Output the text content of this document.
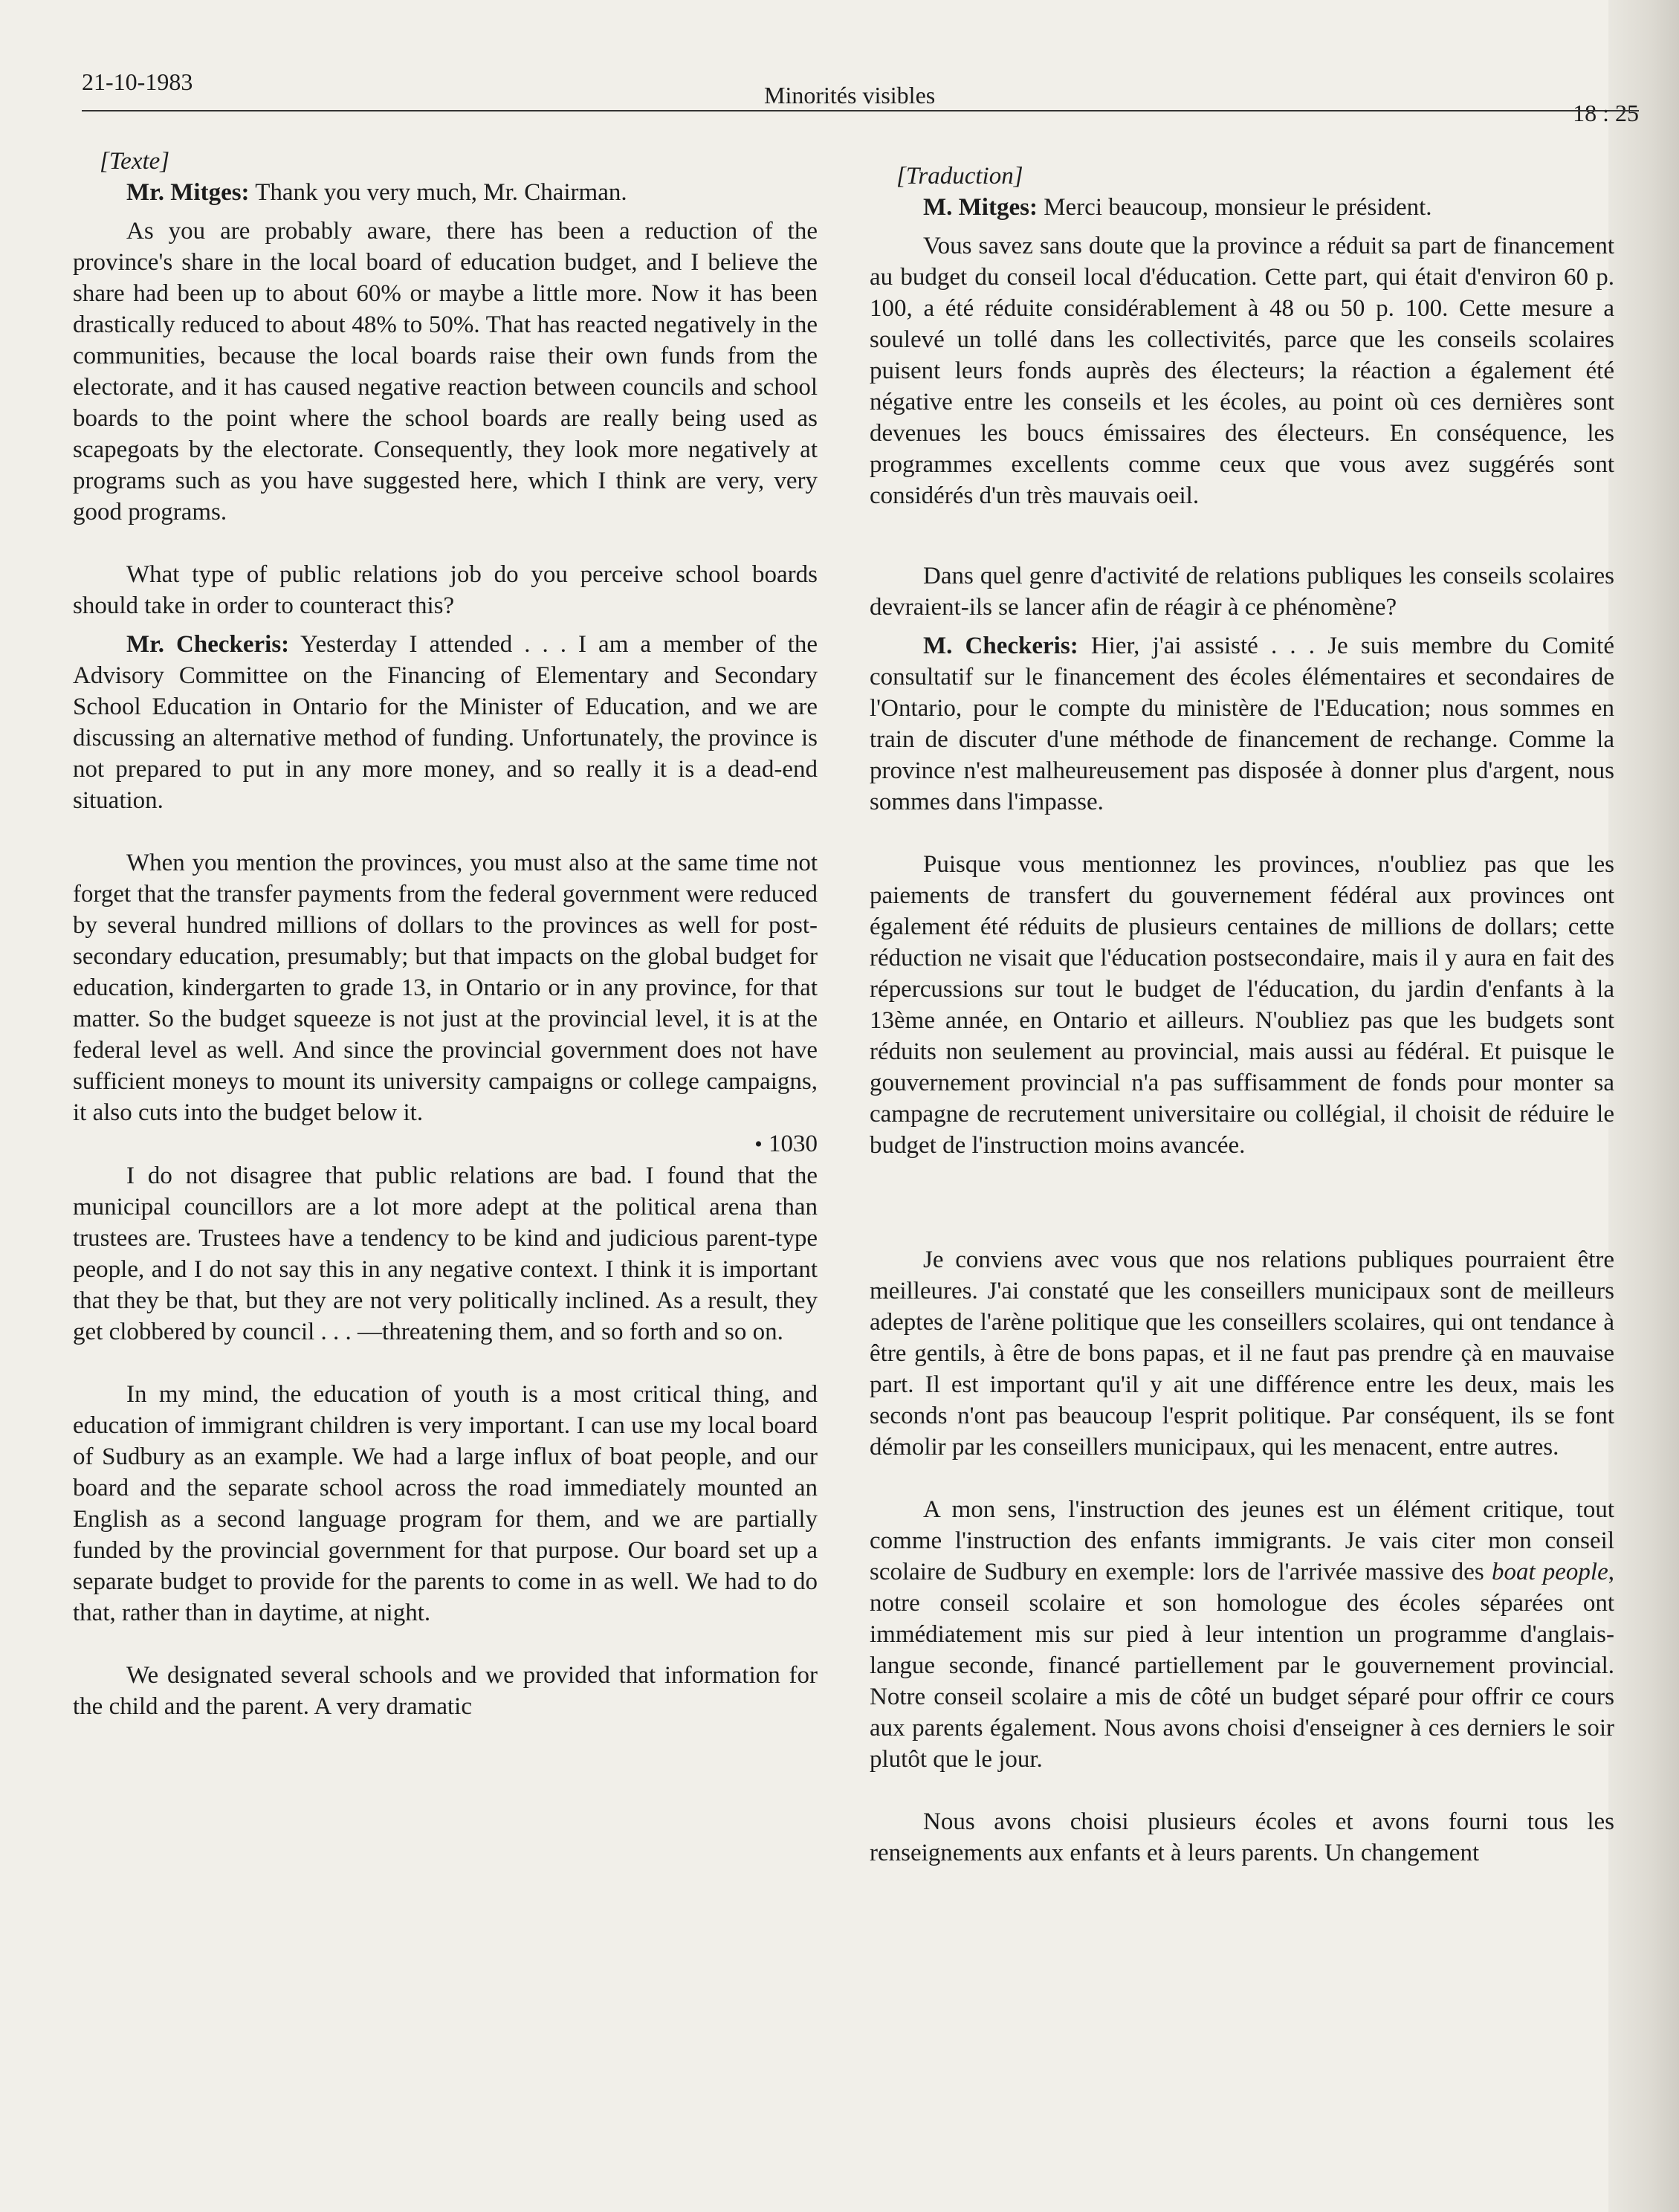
21-10-1983	Minorités visibles
18 : 25

[Texte]

Mr. Mitges: Thank you very much, Mr. Chairman.

As you are probably aware, there has been a reduction of the province's share in the local board of education budget, and I believe the share had been up to about 60% or maybe a little more. Now it has been drastically reduced to about 48% to 50%. That has reacted negatively in the communities, because the local boards raise their own funds from the electorate, and it has caused negative reaction between councils and school boards to the point where the school boards are really being used as scapegoats by the electorate. Consequently, they look more negatively at programs such as you have suggested here, which I think are very, very good programs.

What type of public relations job do you perceive school boards should take in order to counteract this?

Mr. Checkeris: Yesterday I attended . . . I am a member of the Advisory Committee on the Financing of Elementary and Secondary School Education in Ontario for the Minister of Education, and we are discussing an alternative method of funding. Unfortunately, the province is not prepared to put in any more money, and so really it is a dead-end situation.

When you mention the provinces, you must also at the same time not forget that the transfer payments from the federal government were reduced by several hundred millions of dollars to the provinces as well for post-secondary education, presumably; but that impacts on the global budget for education, kindergarten to grade 13, in Ontario or in any province, for that matter. So the budget squeeze is not just at the provincial level, it is at the federal level as well. And since the provincial government does not have sufficient moneys to mount its university campaigns or college campaigns, it also cuts into the budget below it.

• 1030

I do not disagree that public relations are bad. I found that the municipal councillors are a lot more adept at the political arena than trustees are. Trustees have a tendency to be kind and judicious parent-type people, and I do not say this in any negative context. I think it is important that they be that, but they are not very politically inclined. As a result, they get clobbered by council . . . —threatening them, and so forth and so on.

In my mind, the education of youth is a most critical thing, and education of immigrant children is very important. I can use my local board of Sudbury as an example. We had a large influx of boat people, and our board and the separate school across the road immediately mounted an English as a second language program for them, and we are partially funded by the provincial government for that purpose. Our board set up a separate budget to provide for the parents to come in as well. We had to do that, rather than in daytime, at night.

We designated several schools and we provided that information for the child and the parent. A very dramatic

[Traduction]

M. Mitges: Merci beaucoup, monsieur le président.

Vous savez sans doute que la province a réduit sa part de financement au budget du conseil local d'éducation. Cette part, qui était d'environ 60 p. 100, a été réduite considérablement à 48 ou 50 p. 100. Cette mesure a soulevé un tollé dans les collectivités, parce que les conseils scolaires puisent leurs fonds auprès des électeurs; la réaction a également été négative entre les conseils et les écoles, au point où ces dernières sont devenues les boucs émissaires des électeurs. En conséquence, les programmes excellents comme ceux que vous avez suggérés sont considérés d'un très mauvais oeil.

Dans quel genre d'activité de relations publiques les conseils scolaires devraient-ils se lancer afin de réagir à ce phénomène?

M. Checkeris: Hier, j'ai assisté . . . Je suis membre du Comité consultatif sur le financement des écoles élémentaires et secondaires de l'Ontario, pour le compte du ministère de l'Education; nous sommes en train de discuter d'une méthode de financement de rechange. Comme la province n'est malheureusement pas disposée à donner plus d'argent, nous sommes dans l'impasse.

Puisque vous mentionnez les provinces, n'oubliez pas que les paiements de transfert du gouvernement fédéral aux provinces ont également été réduits de plusieurs centaines de millions de dollars; cette réduction ne visait que l'éducation postsecondaire, mais il y aura en fait des répercussions sur tout le budget de l'éducation, du jardin d'enfants à la 13ème année, en Ontario et ailleurs. N'oubliez pas que les budgets sont réduits non seulement au provincial, mais aussi au fédéral. Et puisque le gouvernement provincial n'a pas suffisamment de fonds pour monter sa campagne de recrutement universitaire ou collégial, il choisit de réduire le budget de l'instruction moins avancée.

Je conviens avec vous que nos relations publiques pourraient être meilleures. J'ai constaté que les conseillers municipaux sont de meilleurs adeptes de l'arène politique que les conseillers scolaires, qui ont tendance à être gentils, à être de bons papas, et il ne faut pas prendre çà en mauvaise part. Il est important qu'il y ait une différence entre les deux, mais les seconds n'ont pas beaucoup l'esprit politique. Par conséquent, ils se font démolir par les conseillers municipaux, qui les menacent, entre autres.

A mon sens, l'instruction des jeunes est un élément critique, tout comme l'instruction des enfants immigrants. Je vais citer mon conseil scolaire de Sudbury en exemple: lors de l'arrivée massive des boat people, notre conseil scolaire et son homologue des écoles séparées ont immédiatement mis sur pied à leur intention un programme d'anglais-langue seconde, financé partiellement par le gouvernement provincial. Notre conseil scolaire a mis de côté un budget séparé pour offrir ce cours aux parents également. Nous avons choisi d'enseigner à ces derniers le soir plutôt que le jour.

Nous avons choisi plusieurs écoles et avons fourni tous les renseignements aux enfants et à leurs parents. Un changement
